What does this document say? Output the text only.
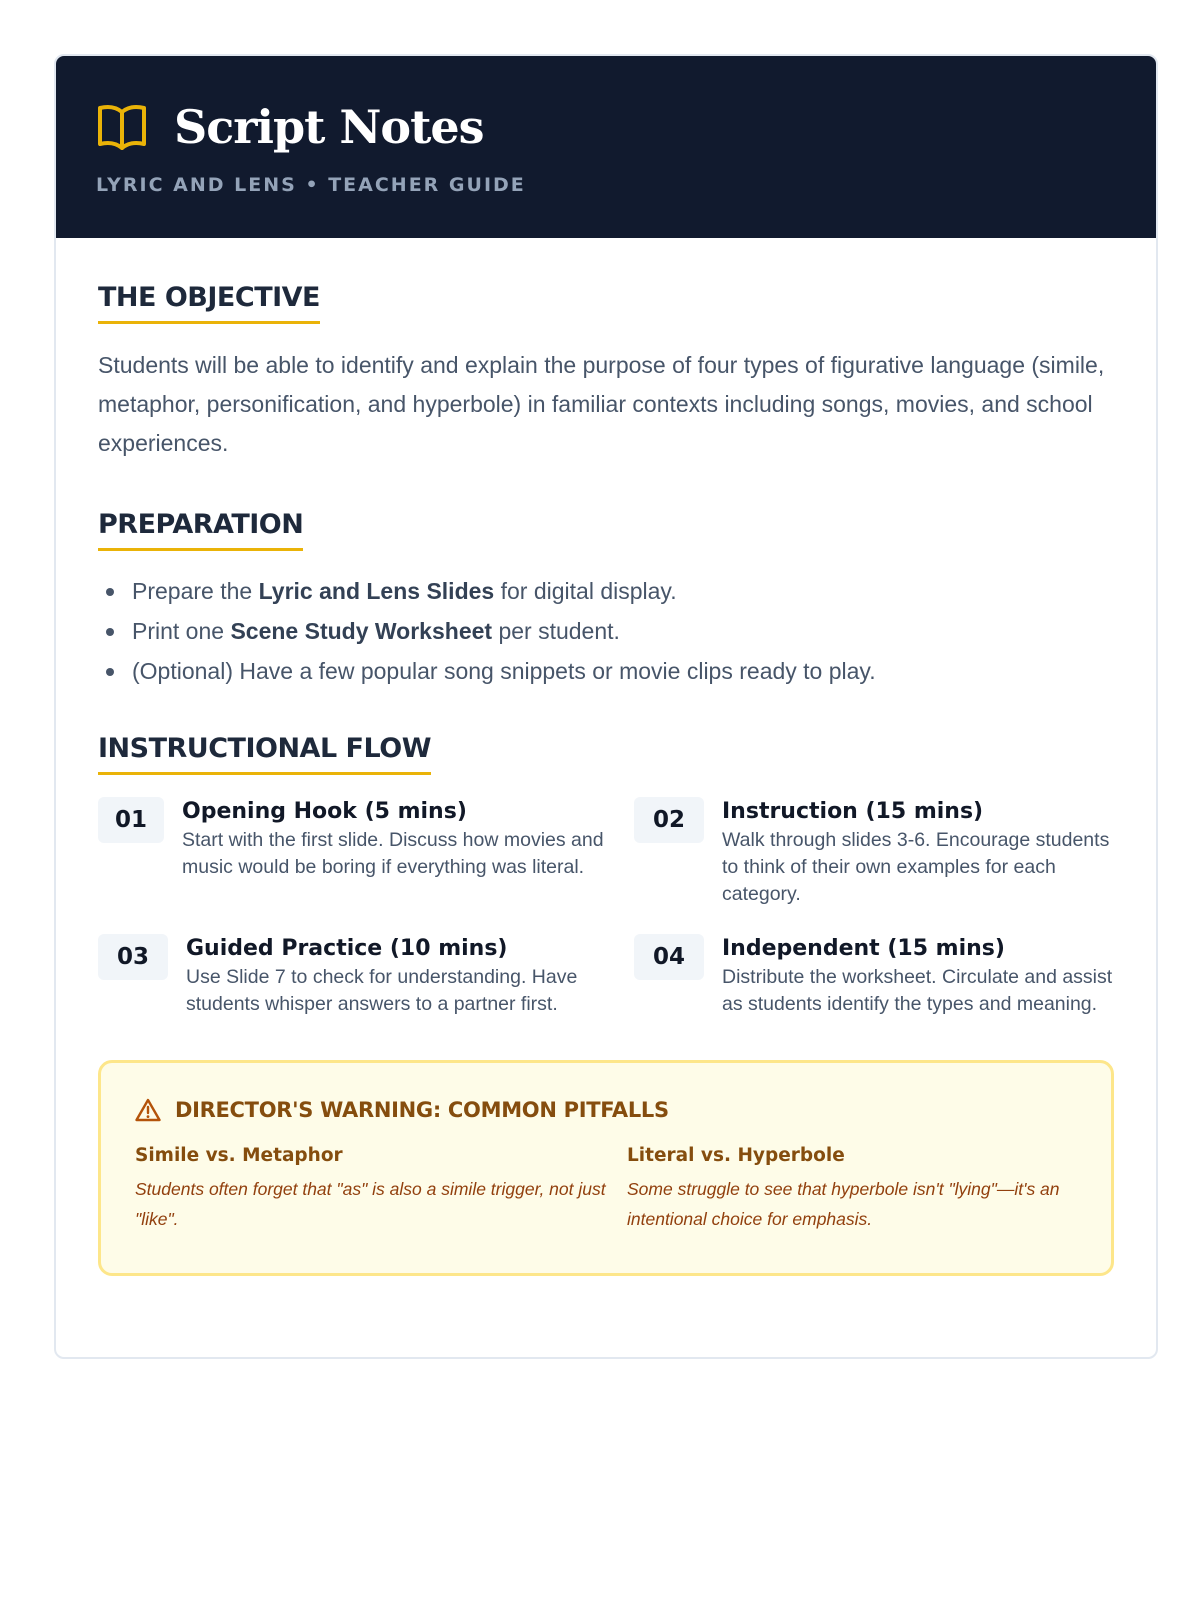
Script Notes
LYRIC AND LENS • TEACHER GUIDE
THE OBJECTIVE

Students will be able to identify and explain the purpose of four types of figurative language (simile, metaphor, personification, and hyperbole) in familiar contexts including songs, movies, and school experiences.

PREPARATION
Prepare the Lyric and Lens Slides for digital display.
Print one Scene Study Worksheet per student.
(Optional) Have a few popular song snippets or movie clips ready to play.
INSTRUCTIONAL FLOW
01	Opening Hook (5 mins)
Start with the first slide. Discuss how movies and music would be boring if everything was literal.
02	Instruction (15 mins)
Walk through slides 3-6. Encourage students to think of their own examples for each category.
03	Guided Practice (10 mins)
Use Slide 7 to check for understanding. Have students whisper answers to a partner first.
04	Independent (15 mins)
Distribute the worksheet. Circulate and assist as students identify the types and meaning.
DIRECTOR'S WARNING: COMMON PITFALLS
Simile vs. Metaphor
Students often forget that "as" is also a simile trigger, not just "like".
Literal vs. Hyperbole
Some struggle to see that hyperbole isn't "lying"—it's an intentional choice for emphasis.
